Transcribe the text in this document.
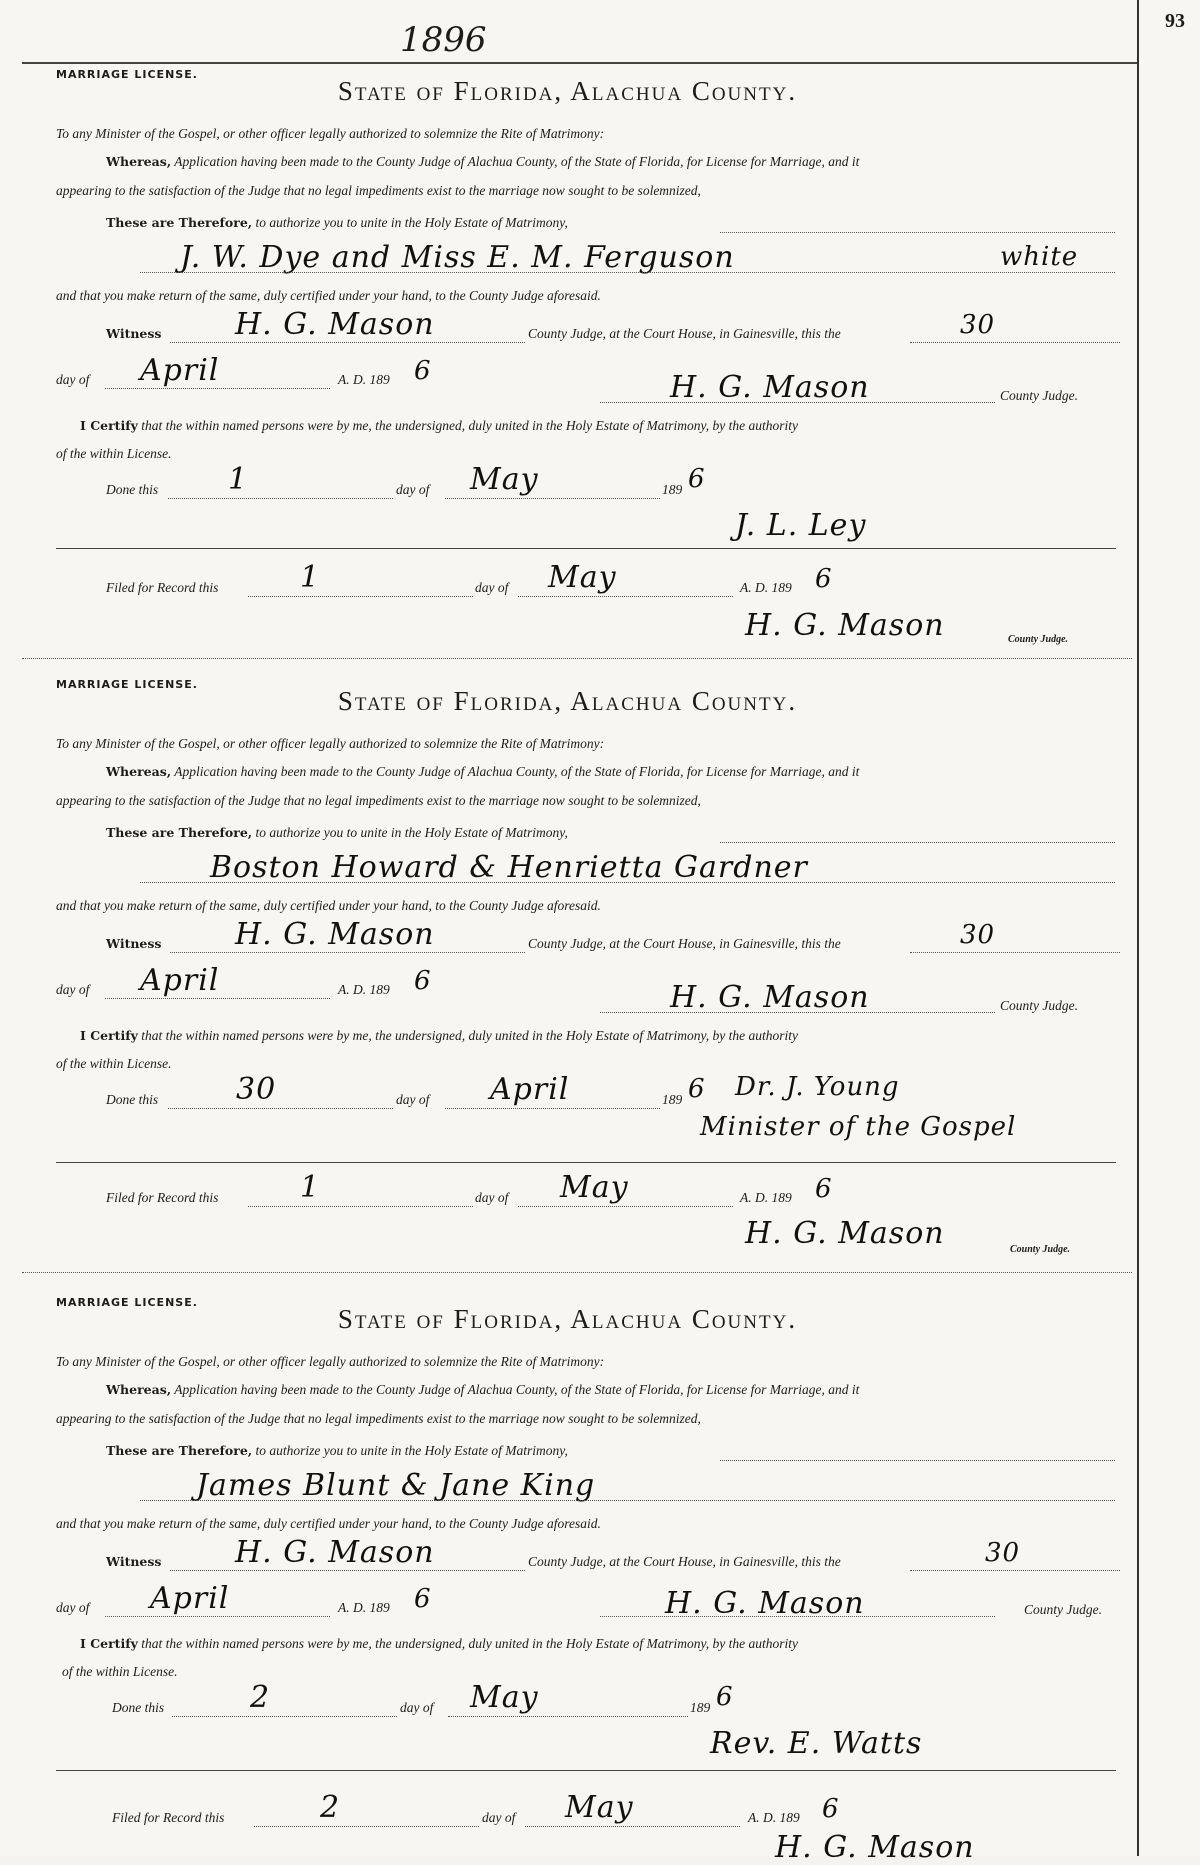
93
1896
MARRIAGE LICENSE.
State of Florida, Alachua County.
To any Minister of the Gospel, or other officer legally authorized to solemnize the Rite of Matrimony:
Whereas, Application having been made to the County Judge of Alachua County, of the State of Florida, for License for Marriage, and it
appearing to the satisfaction of the Judge that no legal impediments exist to the marriage now sought to be solemnized,
These are Therefore, to authorize you to unite in the Holy Estate of Matrimony,
J. W. Dye and Miss E. M. Ferguson	white
and that you make return of the same, duly certified under your hand, to the County Judge aforesaid.
Witness H. G. Mason	County Judge, at the Court House, in Gainesville, this the	30
day of April	A. D. 189 6	H. G. Mason	County Judge.
I Certify that the within named persons were by me, the undersigned, duly united in the Holy Estate of Matrimony, by the authority
of the within License.
Done this 1	day of May	189 6
J. L. Ley
Filed for Record this	1	day of May	A. D. 189 6
H. G. Mason	County Judge.
MARRIAGE LICENSE.
State of Florida, Alachua County.
To any Minister of the Gospel, or other officer legally authorized to solemnize the Rite of Matrimony:
Whereas, Application having been made to the County Judge of Alachua County, of the State of Florida, for License for Marriage, and it
appearing to the satisfaction of the Judge that no legal impediments exist to the marriage now sought to be solemnized,
These are Therefore, to authorize you to unite in the Holy Estate of Matrimony,
Boston Howard & Henrietta Gardner
and that you make return of the same, duly certified under your hand, to the County Judge aforesaid.
Witness H. G. Mason	County Judge, at the Court House, in Gainesville, this the	30
day of April	A. D. 189 6	H. G. Mason	County Judge.
I Certify that the within named persons were by me, the undersigned, duly united in the Holy Estate of Matrimony, by the authority
of the within License.
Done this	30	day of April	189 6 Dr. J. Young
Minister of the Gospel
Filed for Record this	1	day of May	A. D. 189 6
H. G. Mason	County Judge.
MARRIAGE LICENSE.
State of Florida, Alachua County.
To any Minister of the Gospel, or other officer legally authorized to solemnize the Rite of Matrimony:
Whereas, Application having been made to the County Judge of Alachua County, of the State of Florida, for License for Marriage, and it
appearing to the satisfaction of the Judge that no legal impediments exist to the marriage now sought to be solemnized,
These are Therefore, to authorize you to unite in the Holy Estate of Matrimony,
James Blunt & Jane King
and that you make return of the same, duly certified under your hand, to the County Judge aforesaid.
Witness H. G. Mason	County Judge, at the Court House, in Gainesville, this the	30
day of April	A. D. 189 6	H. G. Mason	County Judge.
I Certify that the within named persons were by me, the undersigned, duly united in the Holy Estate of Matrimony, by the authority
of the within License.
Done this	2	day of May	189 6
Rev. E. Watts
Filed for Record this	2	day of May	A. D. 189 6
H. G. Mason
